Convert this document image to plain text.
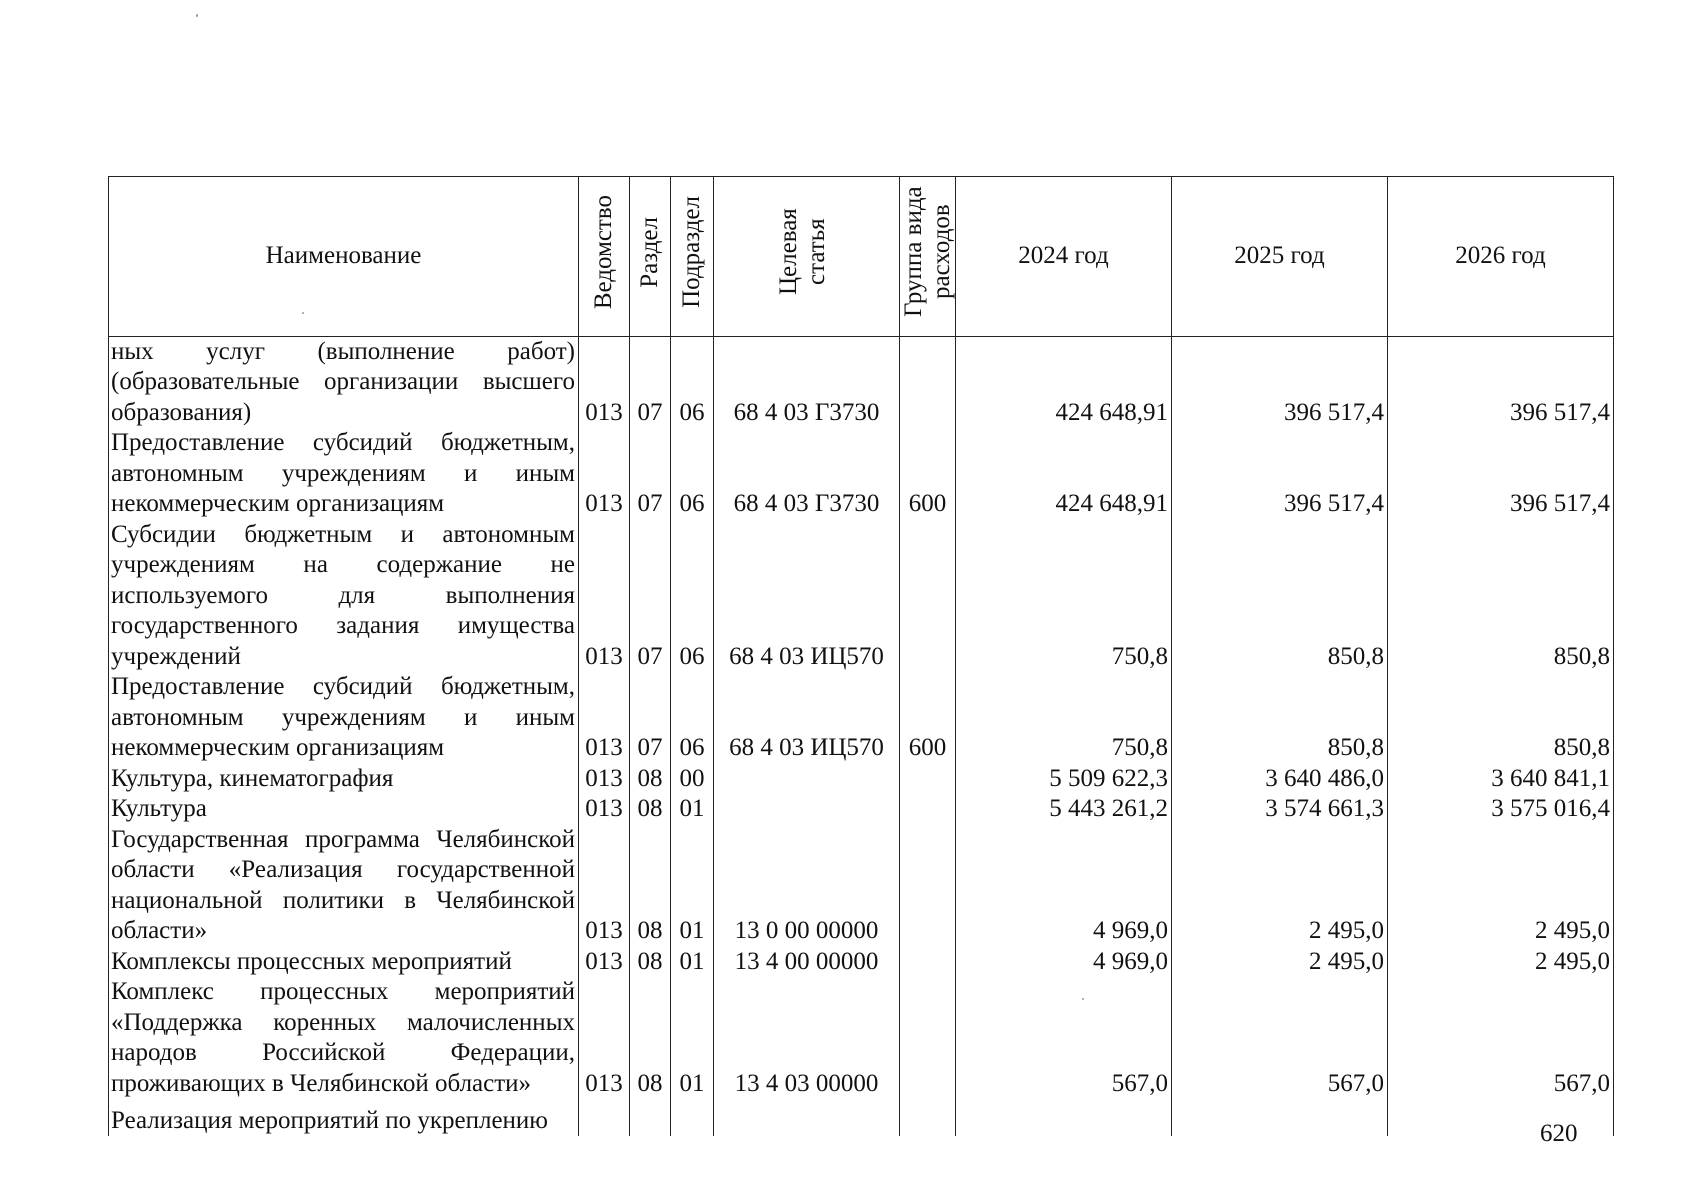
Наименование	Ведомство	Раздел	Подраздел	Целевая статья	Группа вида расходов	2024 год	2025 год	2026 год
ных услуг (выполнение работ) (образовательные организации высшего образования)	013	07	06	68 4 03 Г3730		424 648,91	396 517,4	396 517,4
Предоставление субсидий бюджетным, автономным учреждениям и иным некоммерческим организациям	013	07	06	68 4 03 Г3730	600	424 648,91	396 517,4	396 517,4
Субсидии бюджетным и автономным учреждениям на содержание не используемого для выполнения государственного задания имущества учреждений	013	07	06	68 4 03 ИЦ570		750,8	850,8	850,8
Предоставление субсидий бюджетным, автономным учреждениям и иным некоммерческим организациям	013	07	06	68 4 03 ИЦ570	600	750,8	850,8	850,8
Культура, кинематография	013	08	00			5 509 622,3	3 640 486,0	3 640 841,1
Культура	013	08	01			5 443 261,2	3 574 661,3	3 575 016,4
Государственная программа Челябинской области «Реализация государственной национальной политики в Челябинской области»	013	08	01	13 0 00 00000		4 969,0	2 495,0	2 495,0
Комплексы процессных мероприятий	013	08	01	13 4 00 00000		4 969,0	2 495,0	2 495,0
Комплекс процессных мероприятий «Поддержка коренных малочисленных народов Российской Федерации, проживающих в Челябинской области»	013	08	01	13 4 03 00000		567,0	567,0	567,0
Реализация мероприятий по укреплению									620
